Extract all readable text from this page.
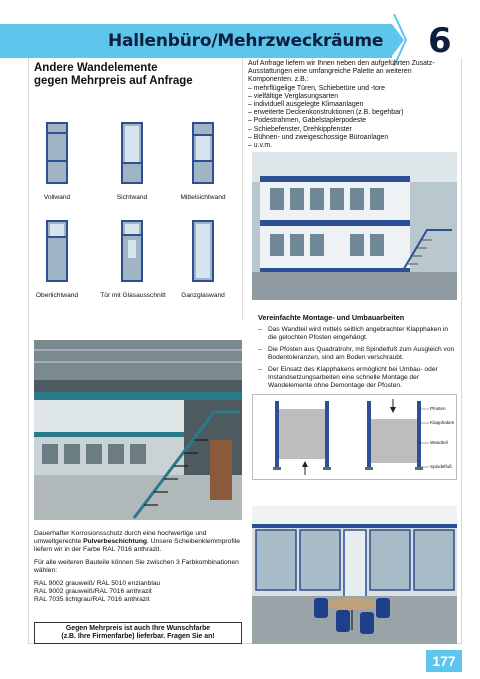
Hallenbüro/Mehrzweckräume 6
Andere Wandelemente
gegen Mehrpreis auf Anfrage
Auf Anfrage liefern wir Ihnen neben den aufgeführten Zusatz-Ausstattungen eine umfangreiche Palette an weiteren Komponenten. z.B.:
– mehrflügelige Türen, Schiebetüre und -tore
– vielfältige Verglasungsarten
– individuell ausgelegte Klimaanlagen
– erweiterte Deckenkonstruktionen (z.B. begehbar)
– Podestrahmen, Gabelstaplerpodeste
– Schiebefenster, Drehkippfenster
– Bühnen- und zweigeschossige Büroanlagen
– u.v.m.
Vollwand	Sichtwand	Mittelsichtwand
Oberlichtwand	Tür mit Glasausschnitt	Ganzglaswand
Vereinfachte Montage- und Umbauarbeiten
– Das Wandteil wird mittels seitlich angebrachter Klapphaken in die gelochten Pfosten eingehängt.
– Die Pfosten aus Quadratrohr, mit Spindelfuß zum Ausgleich von Bodentoleranzen, sind am Boden verschraubt.
– Der Einsatz des Klapphakens ermöglicht bei Umbau- oder Instandsetzungsarbeiten eine schnelle Montage der Wandelemente ohne Demontage der Pfosten.
Pfosten
Klapphaken
Wandteil
Spindelfuß

Dauerhafter Korrosionsschutz durch eine hochwertige und umweltgerechte Pulverbeschichtung. Unsere Scheibenklemmprofile liefern wir in der Farbe RAL 7016 anthrazit.

Für alle weiteren Bauteile können Sie zwischen 3 Farbkombinationen wählen:

RAL 9002 grauweiß/ RAL 5010 enzianblau
RAL 9002 grauweiß/RAL 7016 anthrazit
RAL 7035 lichtgrau/RAL 7016 anthrazit
Gegen Mehrpreis ist auch Ihre Wunschfarbe
(z.B. Ihre Firmenfarbe) lieferbar. Fragen Sie an!
177
